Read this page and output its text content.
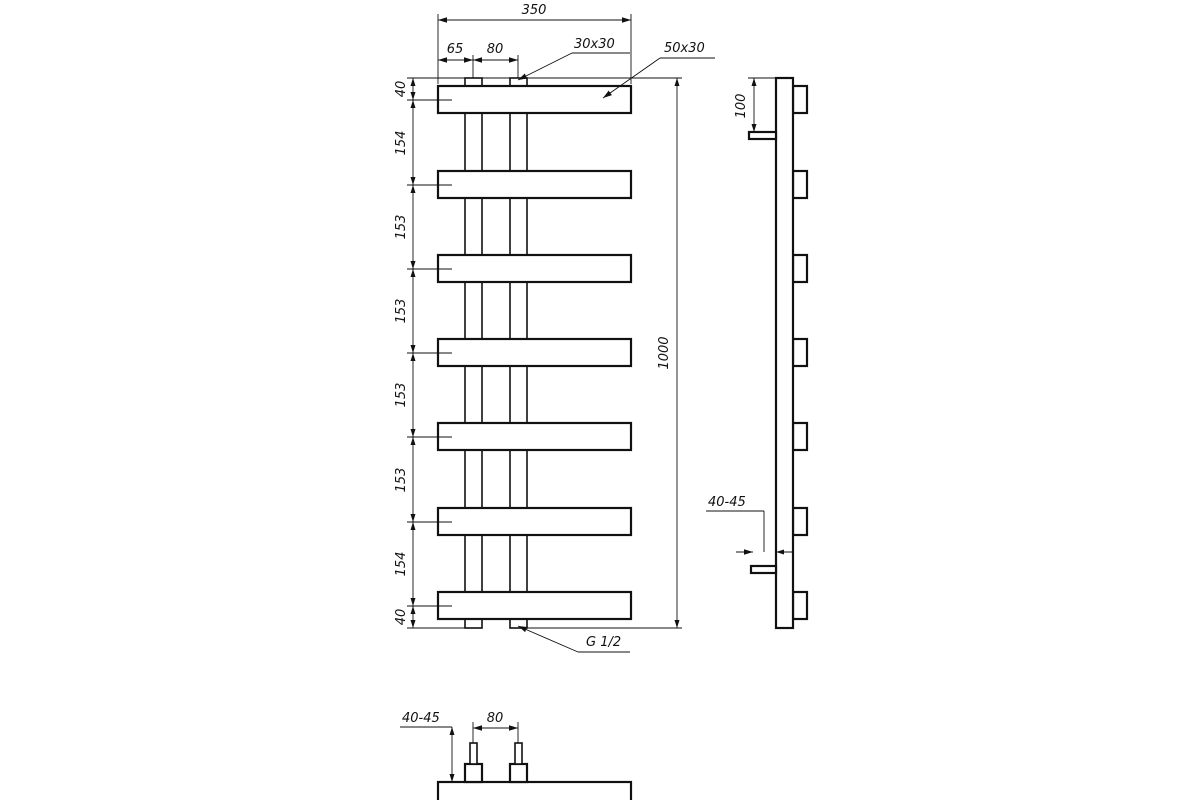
350
65 80	30x30	50x30
1000
G 1/2
40
154
153
153
153
153
154
40
100
40-45
80
40-45
